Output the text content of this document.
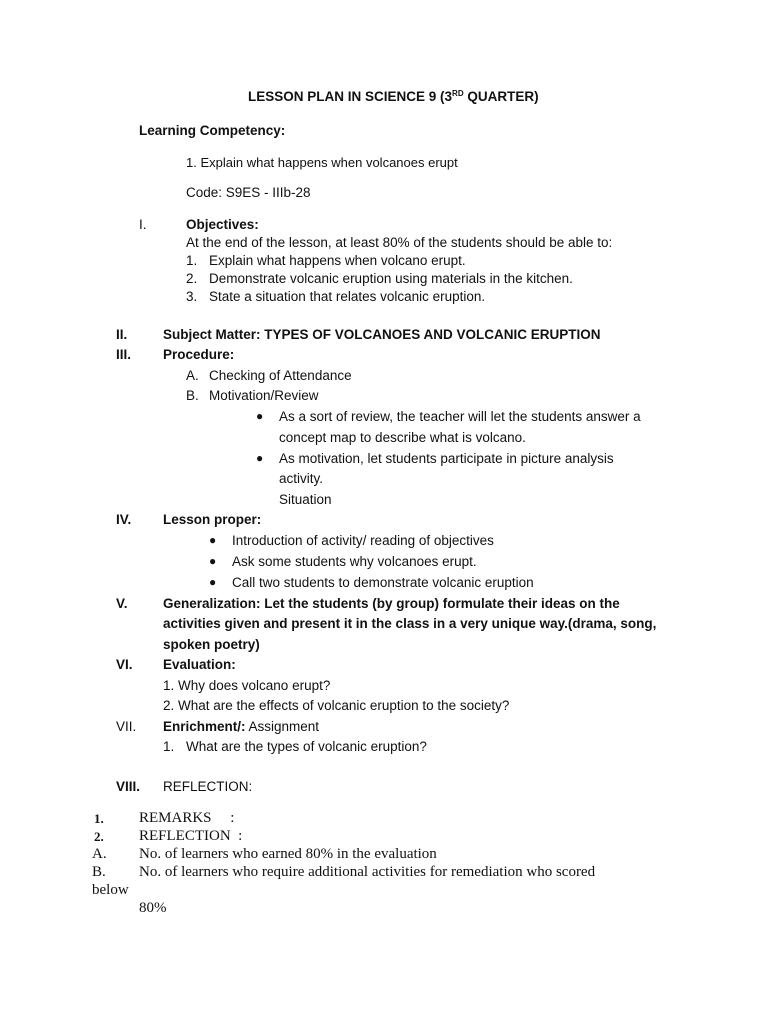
LESSON PLAN IN SCIENCE 9 (3RD QUARTER)
Learning Competency:
1. Explain what happens when volcanoes erupt
Code: S9ES - IIIb-28
I.	Objectives:
At the end of the lesson, at least 80% of the students should be able to:
1. Explain what happens when volcano erupt.
2. Demonstrate volcanic eruption using materials in the kitchen.
3. State a situation that relates volcanic eruption.
II.	Subject Matter: TYPES OF VOLCANOES AND VOLCANIC ERUPTION
III. Procedure:
A. Checking of Attendance
B. Motivation/Review
● As a sort of review, the teacher will let the students answer a
concept map to describe what is volcano.
● As motivation, let students participate in picture analysis
activity.
Situation
IV. Lesson proper:
● Introduction of activity/ reading of objectives
● Ask some students why volcanoes erupt.
● Call two students to demonstrate volcanic eruption
V.	Generalization: Let the students (by group) formulate their ideas on the
activities given and present it in the class in a very unique way.(drama, song,
spoken poetry)
VI. Evaluation:
1. Why does volcano erupt?
2. What are the effects of volcanic eruption to the society?
VII. Enrichment/: Assignment
1. What are the types of volcanic eruption?
VIII. REFLECTION:
1. REMARKS     :
2. REFLECTION  :
A. No. of learners who earned 80% in the evaluation
B. No. of learners who require additional activities for remediation who scored
below
80%
